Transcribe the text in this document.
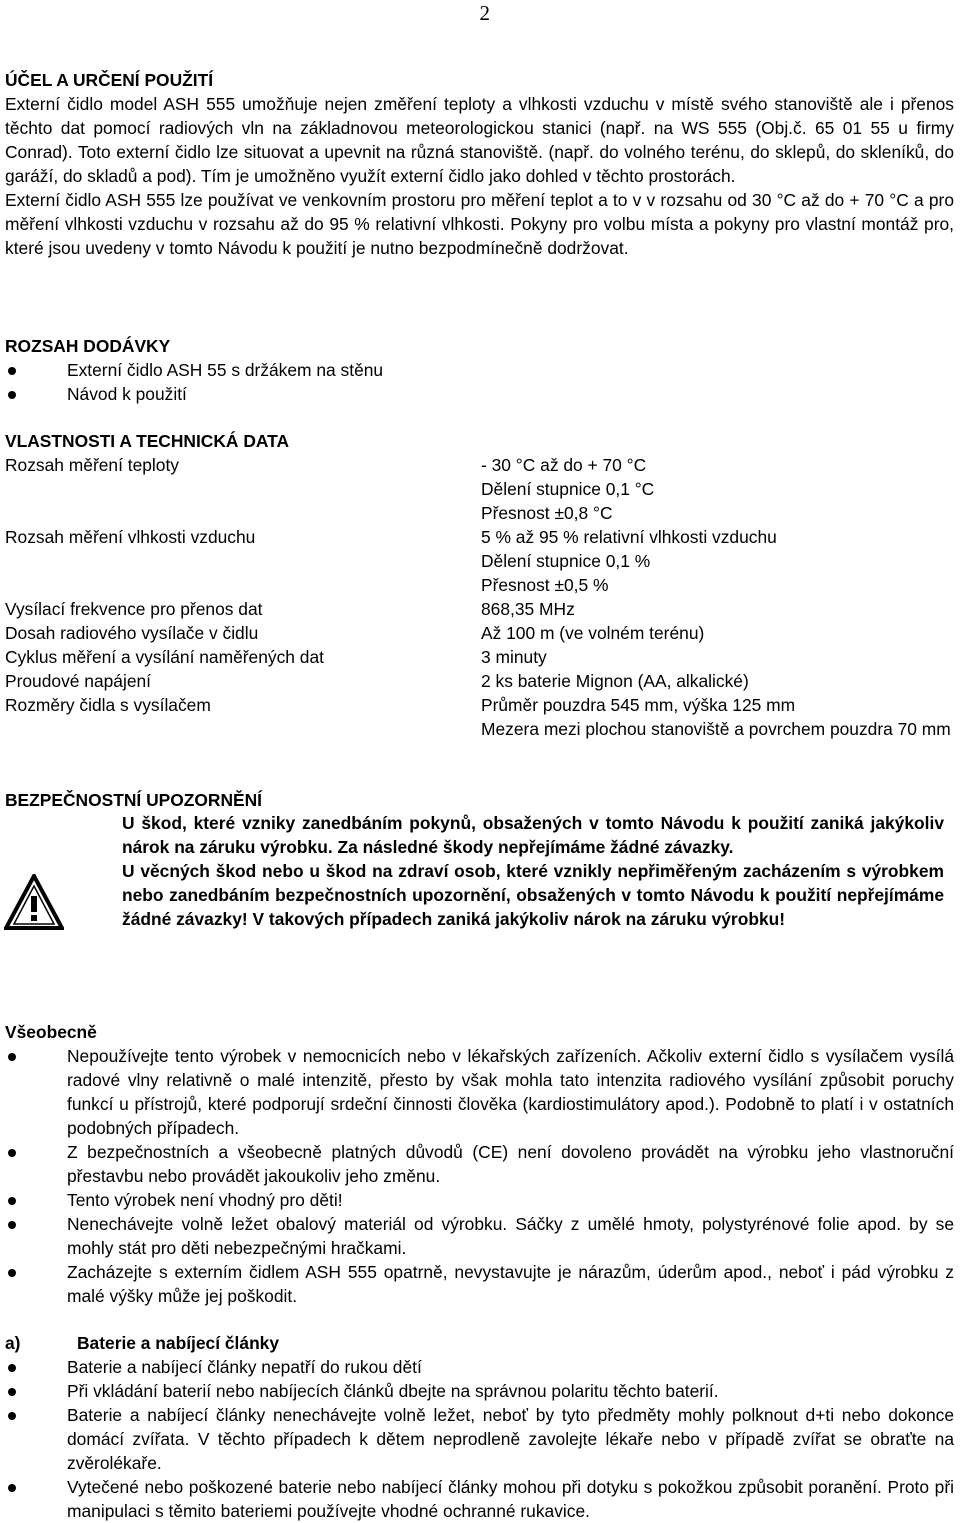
2
ÚČEL A URČENÍ POUŽITÍ
Externí čidlo model ASH 555 umožňuje nejen změření teploty a vlhkosti vzduchu v místě svého stanoviště ale i přenos těchto dat pomocí radiových vln na základnovou meteorologickou stanici (např. na WS 555 (Obj.č. 65 01 55 u firmy Conrad). Toto externí čidlo lze situovat a upevnit na různá stanoviště. (např. do volného terénu, do sklepů, do skleníků, do garáží, do skladů a pod). Tím je umožněno využít externí čidlo jako dohled v těchto prostorách.
Externí čidlo ASH 555 lze používat ve venkovním prostoru pro měření teplot a to v v rozsahu od 30 °C až do + 70 °C a pro měření vlhkosti vzduchu v rozsahu až do 95 % relativní vlhkosti. Pokyny pro volbu místa a pokyny pro vlastní montáž pro, které jsou uvedeny v tomto Návodu k použití je nutno bezpodmínečně dodržovat.
ROZSAH DODÁVKY
Externí čidlo ASH 55 s držákem na stěnu
Návod k použití
VLASTNOSTI A TECHNICKÁ DATA
Rozsah měření teploty	- 30 °C až do + 70 °C
Dělení stupnice 0,1 °C
Přesnost ±0,8 °C
Rozsah měření vlhkosti vzduchu	5 % až 95 % relativní vlhkosti vzduchu
Dělení stupnice 0,1 %
Přesnost ±0,5 %
Vysílací frekvence pro přenos dat	868,35 MHz
Dosah radiového vysílače v čidlu	Až 100 m (ve volném terénu)
Cyklus měření a vysílání naměřených dat	3 minuty
Proudové napájení	2 ks baterie Mignon (AA, alkalické)
Rozměry čidla s vysílačem	Průměr pouzdra 545 mm, výška 125 mm
Mezera mezi plochou stanoviště a povrchem pouzdra 70 mm
BEZPEČNOSTNÍ UPOZORNĚNÍ
U škod, které vzniky zanedbáním pokynů, obsažených v tomto Návodu k použití zaniká jakýkoliv nárok na záruku výrobku. Za následné škody nepřejímáme žádné závazky.
U věcných škod nebo u škod na zdraví osob, které vznikly nepřiměřeným zacházením s výrobkem nebo zanedbáním bezpečnostních upozornění, obsažených v tomto Návodu k použití nepřejímáme žádné závazky! V takových případech zaniká jakýkoliv nárok na záruku výrobku!
Všeobecně
Nepoužívejte tento výrobek v nemocnicích nebo v lékařských zařízeních. Ačkoliv externí čidlo s vysílačem vysílá radové vlny relativně o malé intenzitě, přesto by však mohla tato intenzita radiového vysílání způsobit poruchy funkcí u přístrojů, které podporují srdeční činnosti člověka (kardiostimulátory apod.). Podobně to platí i v ostatních podobných případech.
Z bezpečnostních a všeobecně platných důvodů (CE) není dovoleno provádět na výrobku jeho vlastnoruční přestavbu nebo provádět jakoukoliv jeho změnu.
Tento výrobek není vhodný pro děti!
Nenechávejte volně ležet obalový materiál od výrobku. Sáčky z umělé hmoty, polystyrénové folie apod. by se mohly stát pro děti nebezpečnými hračkami.
Zacházejte s externím čidlem ASH 555 opatrně, nevystavujte je nárazům, úderům apod., neboť i pád výrobku z malé výšky může jej poškodit.
a)	Baterie a nabíjecí články
Baterie a nabíjecí články nepatří do rukou dětí
Při vkládání baterií nebo nabíjecích článků dbejte na správnou polaritu těchto baterií.
Baterie a nabíjecí články nenechávejte volně ležet, neboť by tyto předměty mohly polknout d+ti nebo dokonce domácí zvířata. V těchto případech k dětem neprodleně zavolejte lékaře nebo v případě zvířat se obraťte na zvěrolékaře.
Vytečené nebo poškozené baterie nebo nabíjecí články mohou při dotyku s pokožkou způsobit poranění. Proto při manipulaci s těmito bateriemi používejte vhodné ochranné rukavice.
